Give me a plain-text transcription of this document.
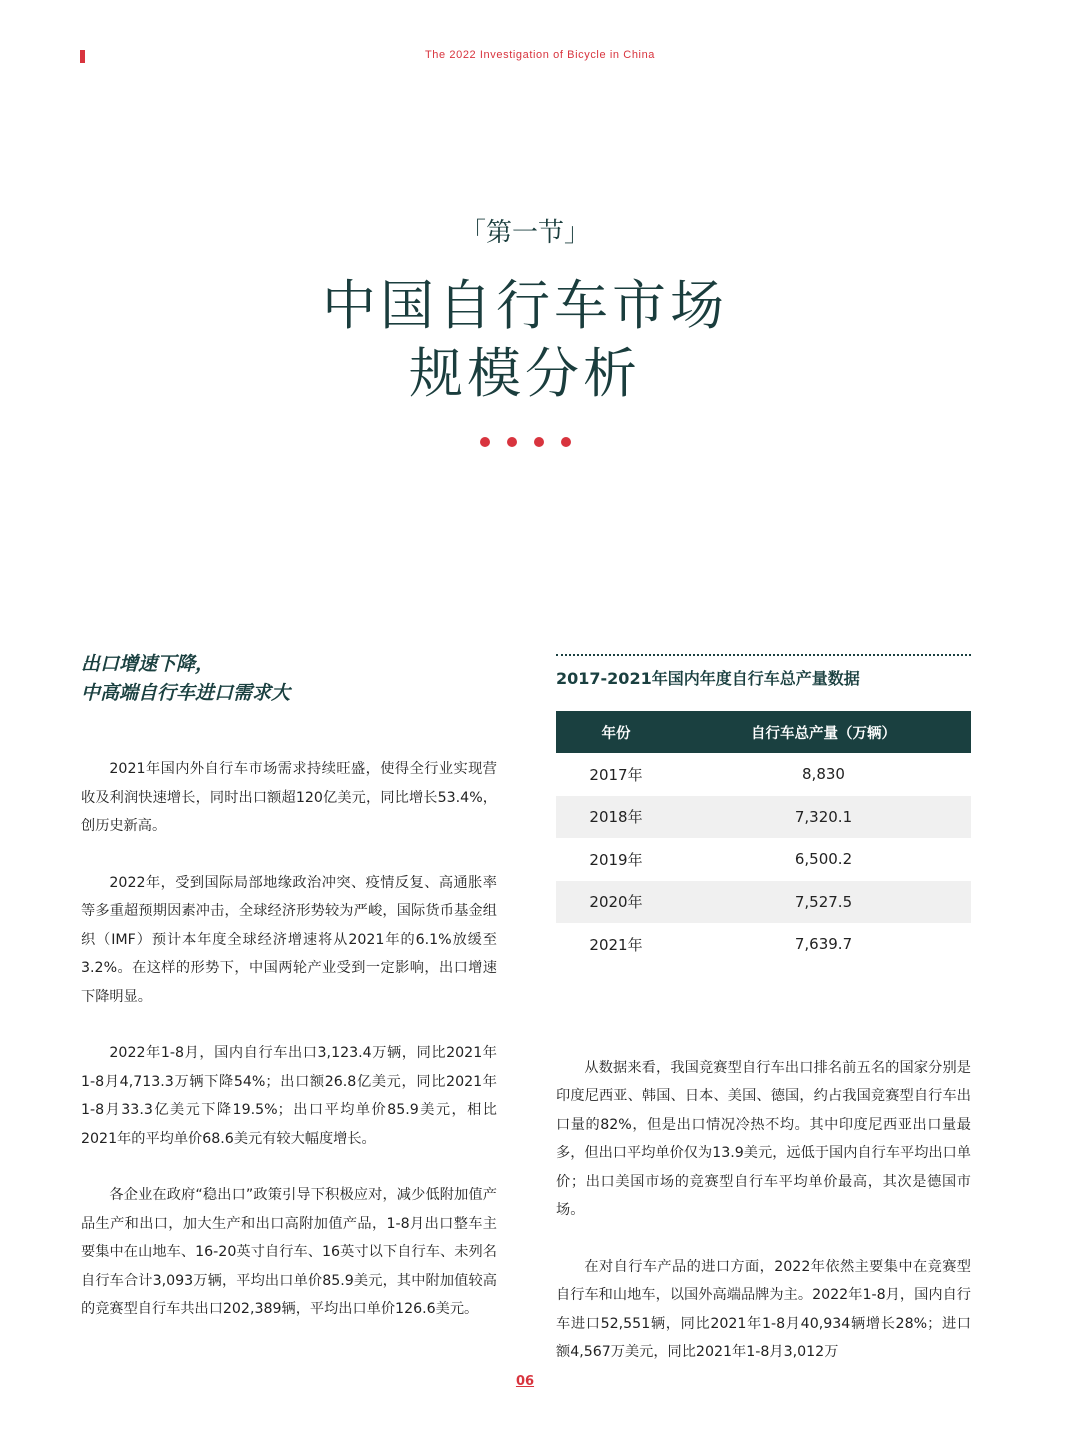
The 2022 Investigation of Bicycle in China
「第一节」
中国自行车市场
规模分析
出口增速下降，
中高端自行车进口需求大

2021年国内外自行车市场需求持续旺盛，使得全行业实现营收及利润快速增长，同时出口额超120亿美元，同比增长53.4%，创历史新高。

2022年，受到国际局部地缘政治冲突、疫情反复、高通胀率等多重超预期因素冲击，全球经济形势较为严峻，国际货币基金组织（IMF）预计本年度全球经济增速将从2021年的6.1%放缓至3.2%。在这样的形势下，中国两轮产业受到一定影响，出口增速下降明显。

2022年1-8月，国内自行车出口3,123.4万辆，同比2021年1-8月4,713.3万辆下降54%；出口额26.8亿美元，同比2021年1-8月33.3亿美元下降19.5%；出口平均单价85.9美元，相比2021年的平均单价68.6美元有较大幅度增长。

各企业在政府“稳出口”政策引导下积极应对，减少低附加值产品生产和出口，加大生产和出口高附加值产品，1-8月出口整车主要集中在山地车、16-20英寸自行车、16英寸以下自行车、未列名自行车合计3,093万辆，平均出口单价85.9美元，其中附加值较高的竞赛型自行车共出口202,389辆，平均出口单价126.6美元。

2017-2021年国内年度自行车总产量数据
年份	自行车总产量（万辆）
2017年	8,830
2018年	7,320.1
2019年	6,500.2
2020年	7,527.5
2021年	7,639.7

从数据来看，我国竞赛型自行车出口排名前五名的国家分别是印度尼西亚、韩国、日本、美国、德国，约占我国竞赛型自行车出口量的82%，但是出口情况冷热不均。其中印度尼西亚出口量最多，但出口平均单价仅为13.9美元，远低于国内自行车平均出口单价；出口美国市场的竞赛型自行车平均单价最高，其次是德国市场。

在对自行车产品的进口方面，2022年依然主要集中在竞赛型自行车和山地车，以国外高端品牌为主。2022年1-8月，国内自行车进口52,551辆，同比2021年1-8月40,934辆增长28%；进口额4,567万美元，同比2021年1-8月3,012万

06
